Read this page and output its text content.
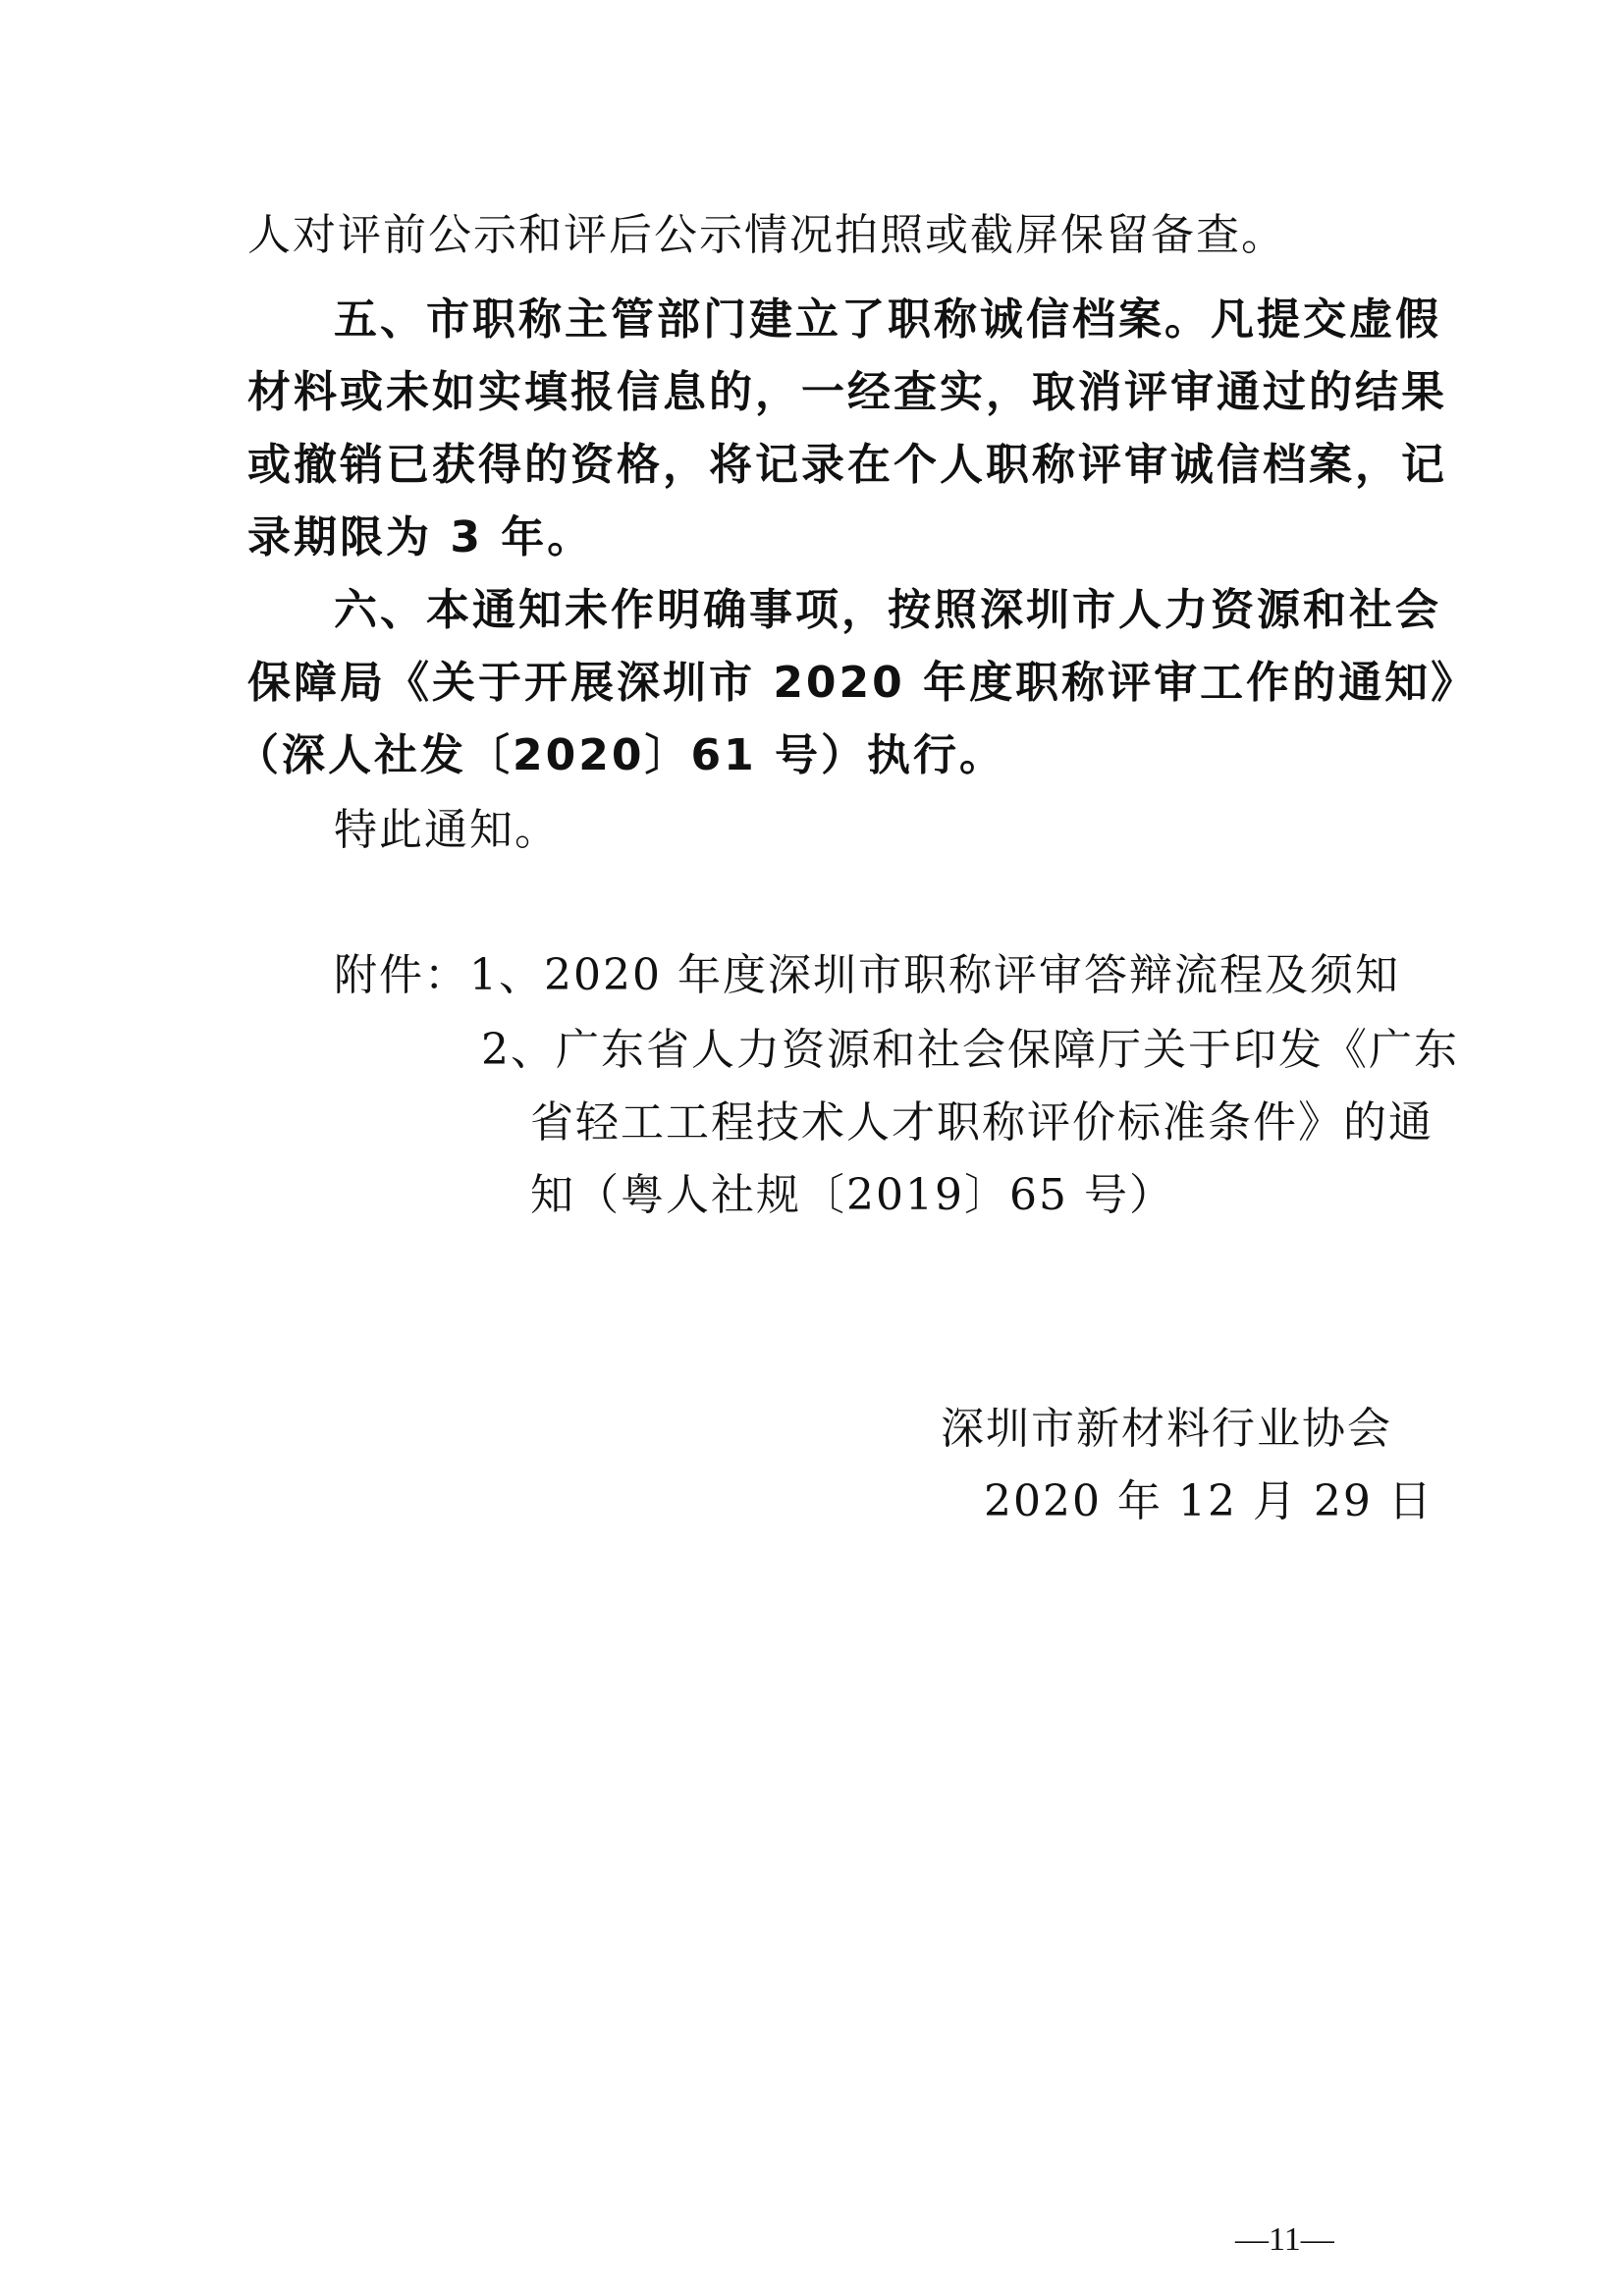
人对评前公示和评后公示情况拍照或截屏保留备查。
五、市职称主管部门建立了职称诚信档案。凡提交虚假
材料或未如实填报信息的，一经查实，取消评审通过的结果
或撤销已获得的资格，将记录在个人职称评审诚信档案，记
录期限为 3 年。
六、本通知未作明确事项，按照深圳市人力资源和社会
保障局《关于开展深圳市 2020 年度职称评审工作的通知》
（深人社发〔2020〕61 号）执行。
特此通知。
附件：1、2020 年度深圳市职称评审答辩流程及须知
2、广东省人力资源和社会保障厅关于印发《广东
省轻工工程技术人才职称评价标准条件》的通
知（粤人社规〔2019〕65 号）
深圳市新材料行业协会
2020 年 12 月 29 日
—11—
